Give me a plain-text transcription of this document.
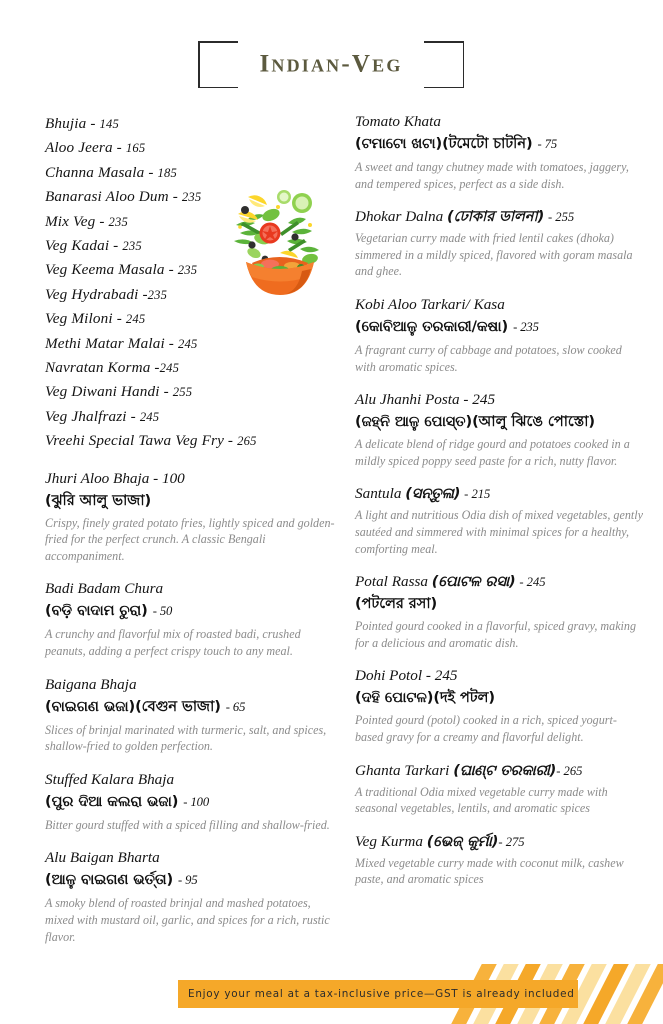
Indian-Veg
Bhujia - 145
Aloo Jeera - 165
Channa Masala - 185
Banarasi Aloo Dum - 235
Mix Veg - 235
Veg Kadai - 235
Veg Keema Masala - 235
Veg Hydrabadi -235
Veg Miloni - 245
Methi Matar Malai - 245
Navratan Korma -245
Veg Diwani Handi - 255
Veg Jhalfrazi - 245
Vreehi Special Tawa Veg Fry - 265
Jhuri Aloo Bhaja - 100
(ঝুরি আলু ভাজা)
Crispy, finely grated potato fries, lightly spiced and golden-fried for the perfect crunch. A classic Bengali accompaniment.
Badi Badam Chura
(ବଡ଼ି ବାଦାମ ଚୁରା) - 50
A crunchy and flavorful mix of roasted badi, crushed peanuts, adding a perfect crispy touch to any meal.
Baigana Bhaja
(ବାଇଗଣ ଭଜା)(বেগুন ভাজা) - 65
Slices of brinjal marinated with turmeric, salt, and spices, shallow-fried to golden perfection.
Stuffed Kalara Bhaja
(ପୁର ଦିଆ କଲରା ଭଜା) - 100
Bitter gourd stuffed with a spiced filling and shallow-fried.
Alu Baigan Bharta
(ଆଳୁ ବାଇଗଣ ଭର୍ତ୍ତା) - 95
A smoky blend of roasted brinjal and mashed potatoes, mixed with mustard oil, garlic, and spices for a rich, rustic flavor.
Tomato Khata
(ଟମାଟୋ ଖଟା)(টমেটো চাটনি) - 75
A sweet and tangy chutney made with tomatoes, jaggery, and tempered spices, perfect as a side dish.
Dhokar Dalna (ঢোকার ডালনা) - 255
Vegetarian curry made with fried lentil cakes (dhoka) simmered in a mildly spiced, flavored with goram masala and ghee.
Kobi Aloo Tarkari/ Kasa
(କୋବିଆଳୁ ତରକାରୀ/କଷା) - 235
A fragrant curry of cabbage and potatoes, slow cooked with aromatic spices.
Alu Jhanhi Posta - 245
(ଜହ୍ନି ଆଳୁ ପୋସ୍ତ)(আলু ঝিঙে পোস্তো)
A delicate blend of ridge gourd and potatoes cooked in a mildly spiced poppy seed paste for a rich, nutty flavor.
Santula (ସନ୍ତୁଳା) - 215
A light and nutritious Odia dish of mixed vegetables, gently sautéed and simmered with minimal spices for a healthy, comforting meal.
Potal Rassa (ପୋଟଳ ରସା) - 245
(পটলের রসা)
Pointed gourd cooked in a flavorful, spiced gravy, making for a delicious and aromatic dish.
Dohi Potol - 245
(ଦହି ପୋଟଳ)(দই পটল)
Pointed gourd (potol) cooked in a rich, spiced yogurt-based gravy for a creamy and flavorful delight.
Ghanta Tarkari (ଘାଣ୍ଟ ତରକାରୀ)- 265
A traditional Odia mixed vegetable curry made with seasonal vegetables, lentils, and aromatic spices
Veg Kurma (ଭେଜ୍ କୁର୍ମା)- 275
Mixed vegetable curry made with coconut milk, cashew paste, and aromatic spices
Enjoy your meal at a tax-inclusive price—GST is already included
